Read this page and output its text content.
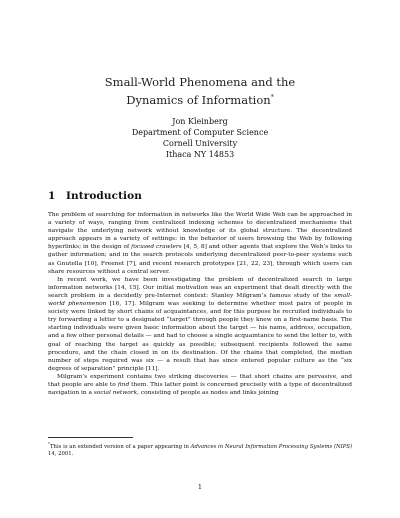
Small-World Phenomena and the
Dynamics of Information*
Jon Kleinberg
Department of Computer Science
Cornell University
Ithaca NY 14853
1 Introduction

The problem of searching for information in networks like the World Wide Web can be approached in a variety of ways, ranging from centralized indexing schemes to decentralized mechanisms that navigate the underlying network without knowledge of its global structure. The decentralized approach appears in a variety of settings: in the behavior of users browsing the Web by following hyperlinks; in the design of focused crawlers [4, 5, 8] and other agents that explore the Web’s links to gather information; and in the search protocols underlying decentralized peer-to-peer systems such as Gnutella [10], Freenet [7], and recent research prototypes [21, 22, 23], through which users can share resources without a central server.

In recent work, we have been investigating the problem of decentralized search in large information networks [14, 15]. Our initial motivation was an experiment that dealt directly with the search problem in a decidedly pre-Internet context: Stanley Milgram’s famous study of the small-world phenomenon [16, 17]. Milgram was seeking to determine whether most pairs of people in society were linked by short chains of acquaintances, and for this purpose he recruited individuals to try forwarding a letter to a designated “target” through people they knew on a first-name basis. The starting individuals were given basic information about the target — his name, address, occupation, and a few other personal details — and had to choose a single acquaintance to send the letter to, with goal of reaching the target as quickly as possible; subsequent recipients followed the same procedure, and the chain closed in on its destination. Of the chains that completed, the median number of steps required was six — a result that has since entered popular culture as the “six degrees of separation” principle [11].

Milgram’s experiment contains two striking discoveries — that short chains are pervasive, and that people are able to find them. This latter point is concerned precisely with a type of decentralized navigation in a social network, consisting of people as nodes and links joining

*This is an extended version of a paper appearing in Advances in Neural Information Processing Systems (NIPS) 14, 2001.
1
